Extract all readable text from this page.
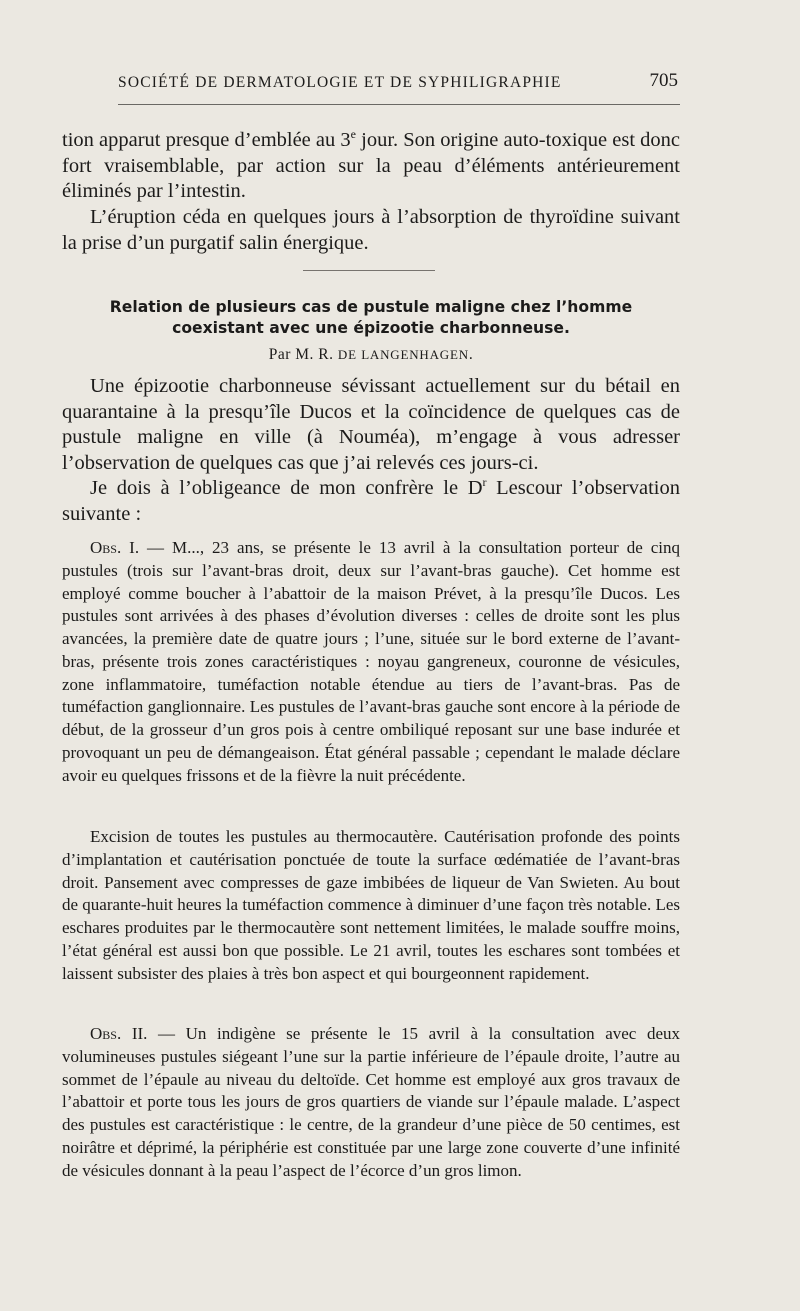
SOCIÉTÉ DE DERMATOLOGIE ET DE SYPHILIGRAPHIE	705

tion apparut presque d’emblée au 3e jour. Son origine auto-toxique est donc fort vraisemblable, par action sur la peau d’éléments antérieurement éliminés par l’intestin.

L’éruption céda en quelques jours à l’absorption de thyroïdine suivant la prise d’un purgatif salin énergique.

Relation de plusieurs cas de pustule maligne chez l’homme coexistant avec une épizootie charbonneuse.

Par M. R. DE LANGENHAGEN.

Une épizootie charbonneuse sévissant actuellement sur du bétail en quarantaine à la presqu’île Ducos et la coïncidence de quelques cas de pustule maligne en ville (à Nouméa), m’engage à vous adresser l’observation de quelques cas que j’ai relevés ces jours-ci.

Je dois à l’obligeance de mon confrère le $D^r$ Lescour l’observation suivante :

Obs. I. — M..., 23 ans, se présente le 13 avril à la consultation porteur de cinq pustules (trois sur l’avant-bras droit, deux sur l’avant-bras gauche). Cet homme est employé comme boucher à l’abattoir de la maison Prévet, à la presqu’île Ducos. Les pustules sont arrivées à des phases d’évolution diverses : celles de droite sont les plus avancées, la première date de quatre jours ; l’une, située sur le bord externe de l’avant-bras, présente trois zones caractéristiques : noyau gangreneux, couronne de vésicules, zone inflammatoire, tuméfaction notable étendue au tiers de l’avant-bras. Pas de tuméfaction ganglionnaire. Les pustules de l’avant-bras gauche sont encore à la période de début, de la grosseur d’un gros pois à centre ombiliqué reposant sur une base indurée et provoquant un peu de démangeaison. État général passable ; cependant le malade déclare avoir eu quelques frissons et de la fièvre la nuit précédente.

Excision de toutes les pustules au thermocautère. Cautérisation profonde des points d’implantation et cautérisation ponctuée de toute la surface œdématiée de l’avant-bras droit. Pansement avec compresses de gaze imbibées de liqueur de Van Swieten. Au bout de quarante-huit heures la tuméfaction commence à diminuer d’une façon très notable. Les eschares produites par le thermocautère sont nettement limitées, le malade souffre moins, l’état général est aussi bon que possible. Le 21 avril, toutes les eschares sont tombées et laissent subsister des plaies à très bon aspect et qui bourgeonnent rapidement.

Obs. II. — Un indigène se présente le 15 avril à la consultation avec deux volumineuses pustules siégeant l’une sur la partie inférieure de l’épaule droite, l’autre au sommet de l’épaule au niveau du deltoïde. Cet homme est employé aux gros travaux de l’abattoir et porte tous les jours de gros quartiers de viande sur l’épaule malade. L’aspect des pustules est caractéristique : le centre, de la grandeur d’une pièce de 50 centimes, est noirâtre et déprimé, la périphérie est constituée par une large zone couverte d’une infinité de vésicules donnant à la peau l’aspect de l’écorce d’un gros limon.
